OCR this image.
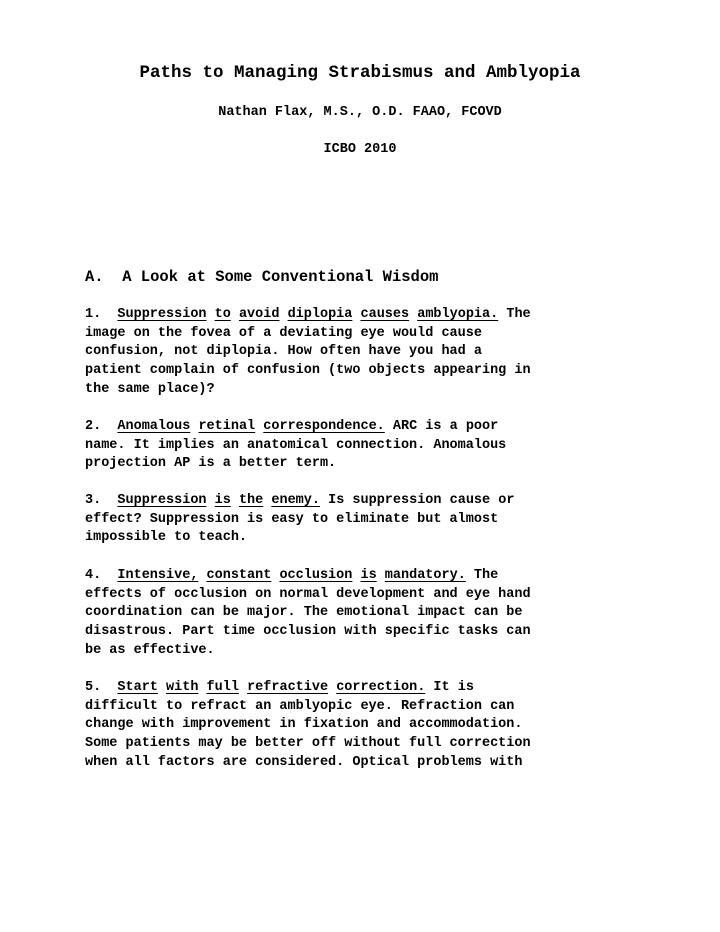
Paths to Managing Strabismus and Amblyopia
Nathan Flax, M.S., O.D. FAAO, FCOVD
ICBO 2010
A.  A Look at Some Conventional Wisdom
1. Suppression to avoid diplopia causes amblyopia. The
image on the fovea of a deviating eye would cause
confusion, not diplopia. How often have you had a
patient complain of confusion (two objects appearing in
the same place)?
2. Anomalous retinal correspondence. ARC is a poor
name. It implies an anatomical connection. Anomalous
projection AP is a better term.
3. Suppression is the enemy. Is suppression cause or
effect? Suppression is easy to eliminate but almost
impossible to teach.
4. Intensive, constant occlusion is mandatory. The
effects of occlusion on normal development and eye hand
coordination can be major. The emotional impact can be
disastrous. Part time occlusion with specific tasks can
be as effective.
5. Start with full refractive correction. It is
difficult to refract an amblyopic eye. Refraction can
change with improvement in fixation and accommodation.
Some patients may be better off without full correction
when all factors are considered. Optical problems with
